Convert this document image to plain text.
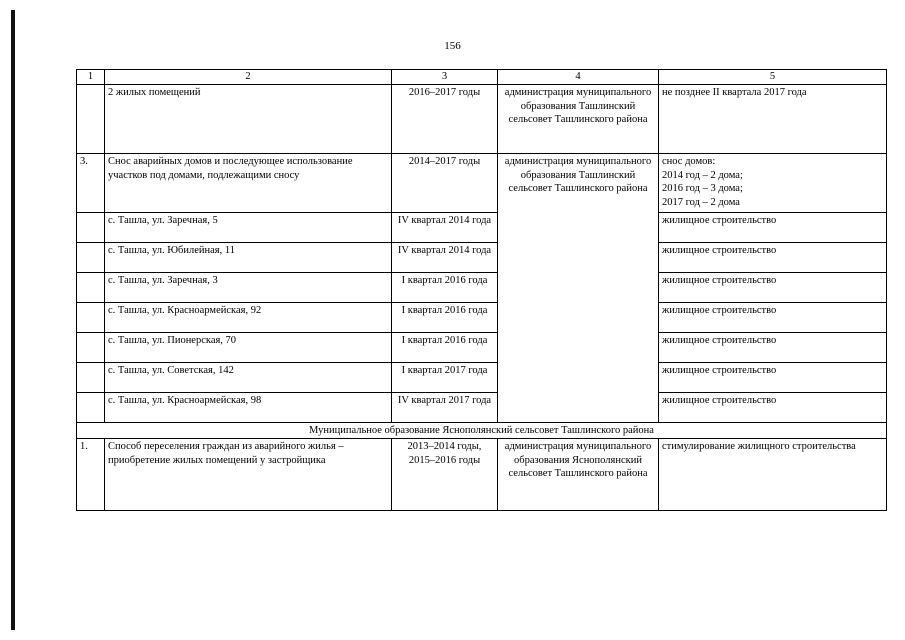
156
1	2	3	4	5
	2 жилых помещений	2016–2017 годы	администрация муниципального образования Ташлинский сельсовет Ташлинского района	не позднее II квартала 2017 года
3.	Снос аварийных домов и последующее использование участков под домами, подлежащими сносу	2014–2017 годы	администрация муниципального образования Ташлинский сельсовет Ташлинского района	снос домов:
2014 год – 2 дома;
2016 год – 3 дома;
2017 год – 2 дома

	с. Ташла, ул. Заречная, 5	IV квартал 2014 года		жилищное строительство
	с. Ташла, ул. Юбилейная, 11	IV квартал 2014 года		жилищное строительство
	с. Ташла, ул. Заречная, 3	I квартал 2016 года		жилищное строительство
	с. Ташла, ул. Красноармейская, 92	I квартал 2016 года		жилищное строительство
	с. Ташла, ул. Пионерская, 70	I квартал 2016 года		жилищное строительство
	с. Ташла, ул. Советская, 142	I квартал 2017 года		жилищное строительство
	с. Ташла, ул. Красноармейская, 98	IV квартал 2017 года		жилищное строительство
Муниципальное образование Яснополянский сельсовет Ташлинского района				
1.	Способ переселения граждан из аварийного жилья – приобретение жилых помещений у застройщика	2013–2014 годы, 2015–2016 годы	администрация муниципального образования Яснополянский сельсовет Ташлинского района	стимулирование жилищного строительства
